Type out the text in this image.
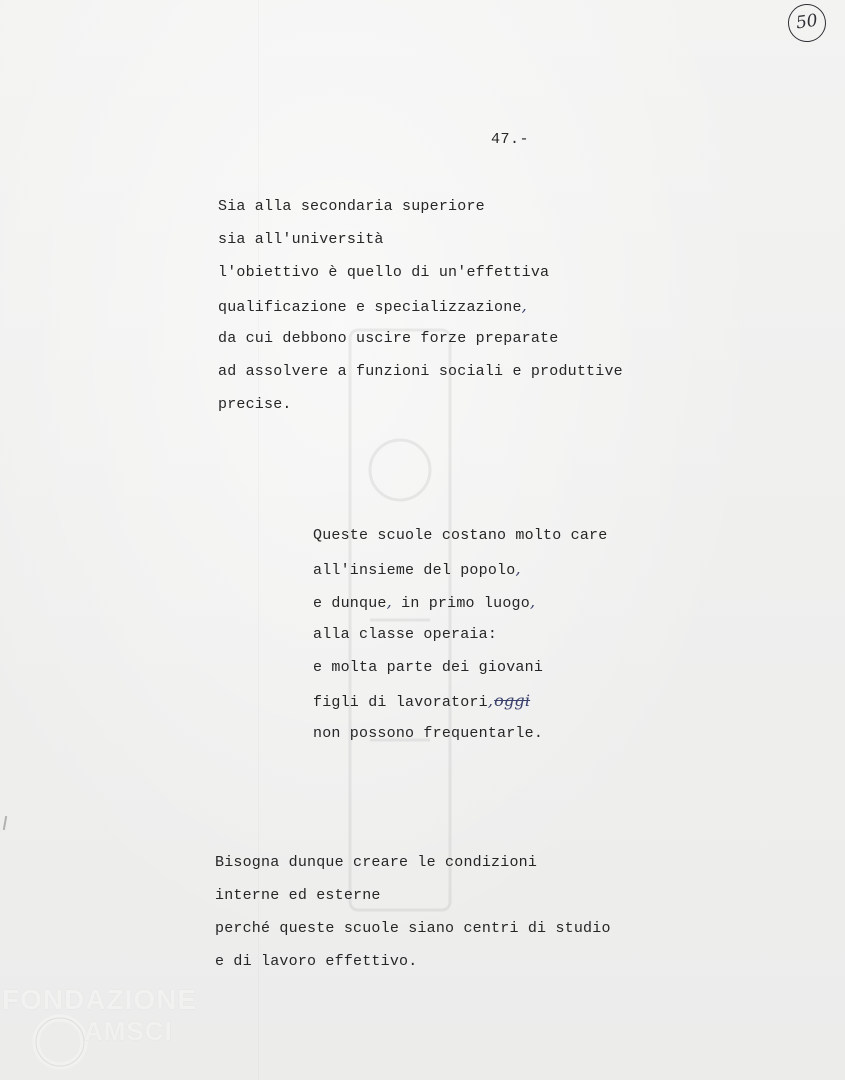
50
47.-
Sia alla secondaria superiore
sia all'università
l'obiettivo è quello di un'effettiva
qualificazione e specializzazione,
da cui debbono uscire forze preparate
ad assolvere a funzioni sociali e produttive
precise.
Queste scuole costano molto care
all'insieme del popolo,
e dunque, in primo luogo,
alla classe operaia:
e molta parte dei giovani
figli di lavoratori,oggi
non possono frequentarle.
Bisogna dunque creare le condizioni
interne ed esterne
perché queste scuole siano centri di studio
e di lavoro effettivo.
FONDAZIONE
AMSCI
